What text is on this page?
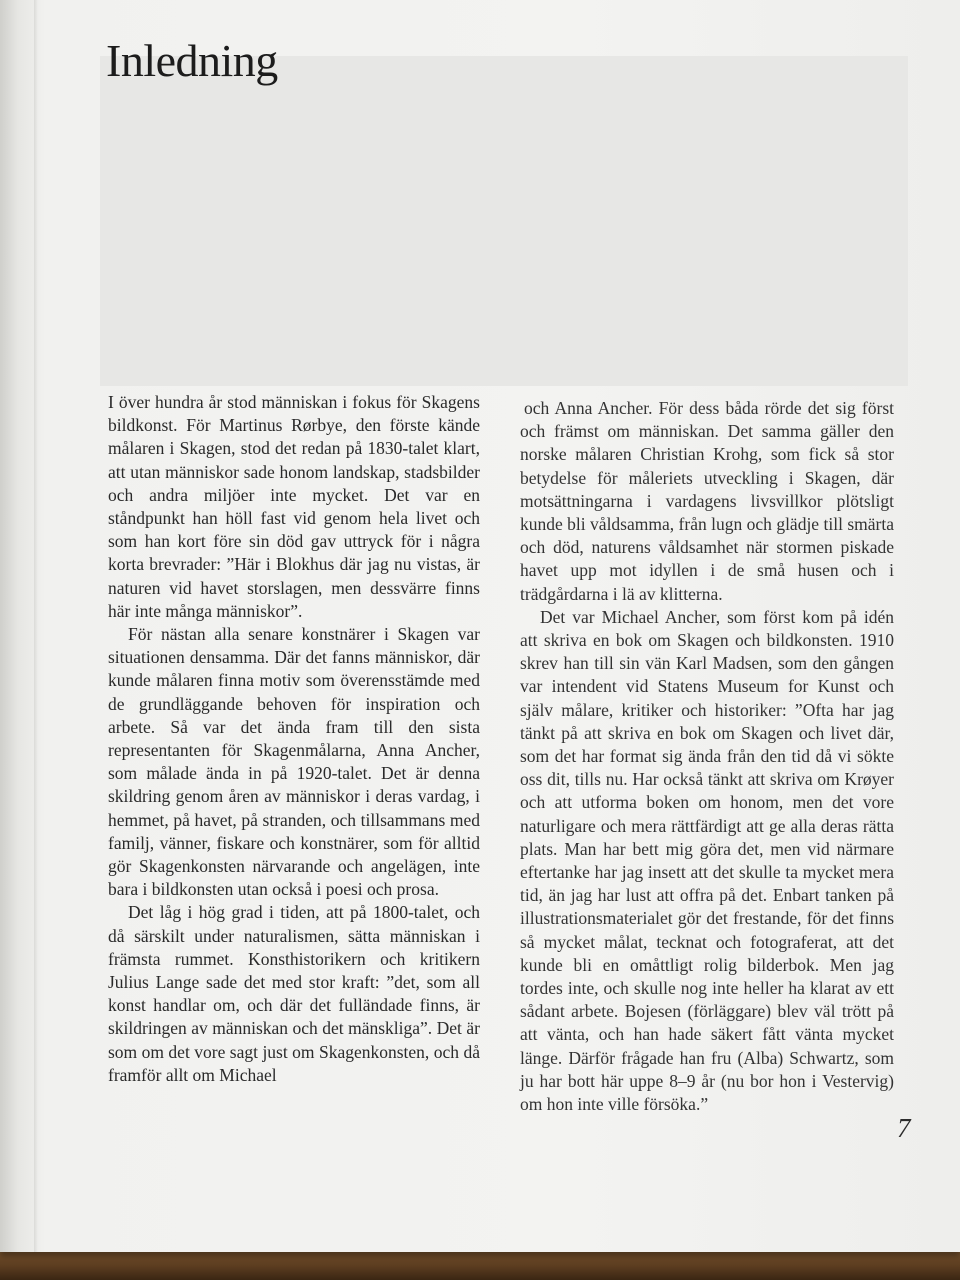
Inledning

I över hundra år stod människan i fokus för Skagens bildkonst. För Martinus Rørbye, den förste kände målaren i Skagen, stod det redan på 1830-talet klart, att utan människor sade honom landskap, stadsbilder och andra miljöer inte mycket. Det var en ståndpunkt han höll fast vid genom hela livet och som han kort före sin död gav uttryck för i några korta brevrader: ”Här i Blokhus där jag nu vistas, är naturen vid havet storslagen, men dessvärre finns här inte många människor”.

För nästan alla senare konstnärer i Skagen var situationen densamma. Där det fanns människor, där kunde målaren finna motiv som överensstämde med de grundläggande behoven för inspiration och arbete. Så var det ända fram till den sista representanten för Skagenmålarna, Anna Ancher, som målade ända in på 1920-talet. Det är denna skildring genom åren av människor i deras vardag, i hemmet, på havet, på stranden, och tillsammans med familj, vänner, fiskare och konstnärer, som för alltid gör Skagenkonsten närvarande och angelägen, inte bara i bildkonsten utan också i poesi och prosa.

Det låg i hög grad i tiden, att på 1800-talet, och då särskilt under naturalismen, sätta människan i främsta rummet. Konsthistorikern och kritikern Julius Lange sade det med stor kraft: ”det, som all konst handlar om, och där det fulländade finns, är skildringen av människan och det mänskliga”. Det är som om det vore sagt just om Skagenkonsten, och då framför allt om Michael

och Anna Ancher. För dess båda rörde det sig först och främst om människan. Det samma gäller den norske målaren Christian Krohg, som fick så stor betydelse för måleriets utveckling i Skagen, där motsättningarna i vardagens livsvillkor plötsligt kunde bli våldsamma, från lugn och glädje till smärta och död, naturens våldsamhet när stormen piskade havet upp mot idyllen i de små husen och i trädgårdarna i lä av klitterna.

Det var Michael Ancher, som först kom på idén att skriva en bok om Skagen och bildkonsten. 1910 skrev han till sin vän Karl Madsen, som den gången var intendent vid Statens Museum for Kunst och själv målare, kritiker och historiker: ”Ofta har jag tänkt på att skriva en bok om Skagen och livet där, som det har format sig ända från den tid då vi sökte oss dit, tills nu. Har också tänkt att skriva om Krøyer och att utforma boken om honom, men det vore naturligare och mera rättfärdigt att ge alla deras rätta plats. Man har bett mig göra det, men vid närmare eftertanke har jag insett att det skulle ta mycket mera tid, än jag har lust att offra på det. Enbart tanken på illustrationsmaterialet gör det frestande, för det finns så mycket målat, tecknat och fotograferat, att det kunde bli en omåttligt rolig bilderbok. Men jag tordes inte, och skulle nog inte heller ha klarat av ett sådant arbete. Bojesen (förläggare) blev väl trött på att vänta, och han hade säkert fått vänta mycket länge. Därför frågade han fru (Alba) Schwartz, som ju har bott här uppe 8–9 år (nu bor hon i Vestervig) om hon inte ville försöka.”

7
